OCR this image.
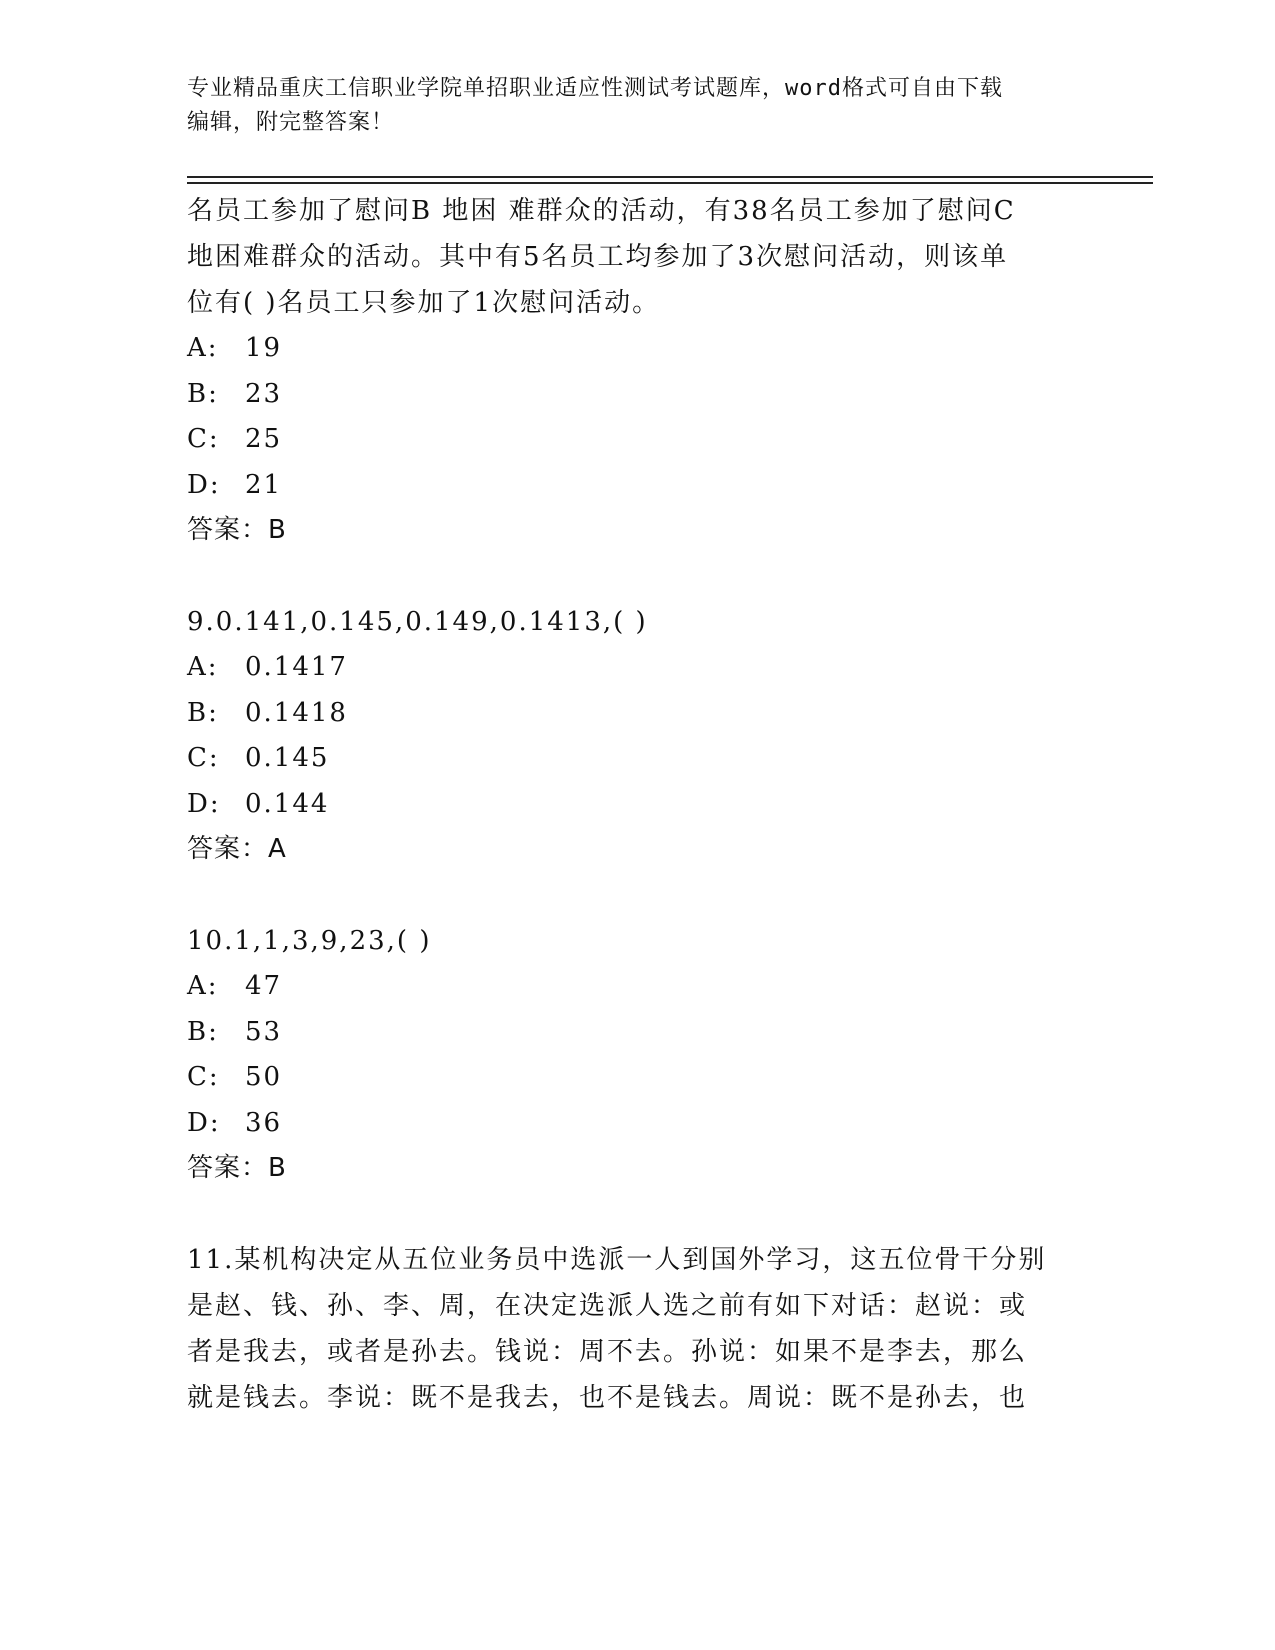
专业精品重庆工信职业学院单招职业适应性测试考试题库，word格式可自由下载
编辑，附完整答案！
名员工参加了慰问B 地困 难群众的活动，有38名员工参加了慰问C
地困难群众的活动。其中有5名员工均参加了3次慰问活动，则该单
位有( )名员工只参加了1次慰问活动。
A: 19
B: 23
C: 25
D: 21
答案：B
9.0.141,0.145,0.149,0.1413,( )
A: 0.1417
B: 0.1418
C: 0.145
D: 0.144
答案：A
10.1,1,3,9,23,( )
A: 47
B: 53
C: 50
D: 36
答案：B
11.某机构决定从五位业务员中选派一人到国外学习，这五位骨干分别
是赵、钱、孙、李、周，在决定选派人选之前有如下对话：赵说：或
者是我去，或者是孙去。钱说：周不去。孙说：如果不是李去，那么
就是钱去。李说：既不是我去，也不是钱去。周说：既不是孙去，也
